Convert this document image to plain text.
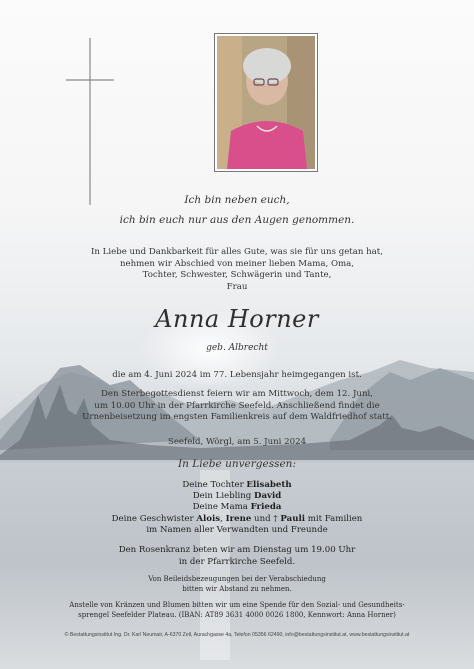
Ich bin neben euch,
ich bin euch nur aus den Augen genommen.
In Liebe und Dankbarkeit für alles Gute, was sie für uns getan hat,
nehmen wir Abschied von meiner lieben Mama, Oma,
Tochter, Schwester, Schwägerin und Tante,
Frau
Anna Horner
geb. Albrecht
die am 4. Juni 2024 im 77. Lebensjahr heimgegangen ist.
Den Sterbegottesdienst feiern wir am Mittwoch, dem 12. Juni,
um 10.00 Uhr in der Pfarrkirche Seefeld. Anschließend findet die
Urnenbeisetzung im engsten Familienkreis auf dem Waldfriedhof statt.
Seefeld, Wörgl, am 5. Juni 2024
In Liebe unvergessen:
Deine Tochter Elisabeth
Dein Liebling David
Deine Mama Frieda
Deine Geschwister Alois, Irene und † Pauli mit Familien
im Namen aller Verwandten und Freunde
Den Rosenkranz beten wir am Dienstag um 19.00 Uhr
in der Pfarrkirche Seefeld.
Von Beileidsbezeugungen bei der Verabschiedung
bitten wir Abstand zu nehmen.
Anstelle von Kränzen und Blumen bitten wir um eine Spende für den Sozial- und Gesundheits-
sprengel Seefelder Plateau. (IBAN: AT89 3631 4000 0026 1800, Kennwort: Anna Horner)
© Bestattungsinstitut Ing. Dr. Karl Neumair, A-6370 Zell, Aurachgasse 4a, Telefon 05356 62490, info@bestattungsinstitut.at, www.bestattungsinstitut.at
